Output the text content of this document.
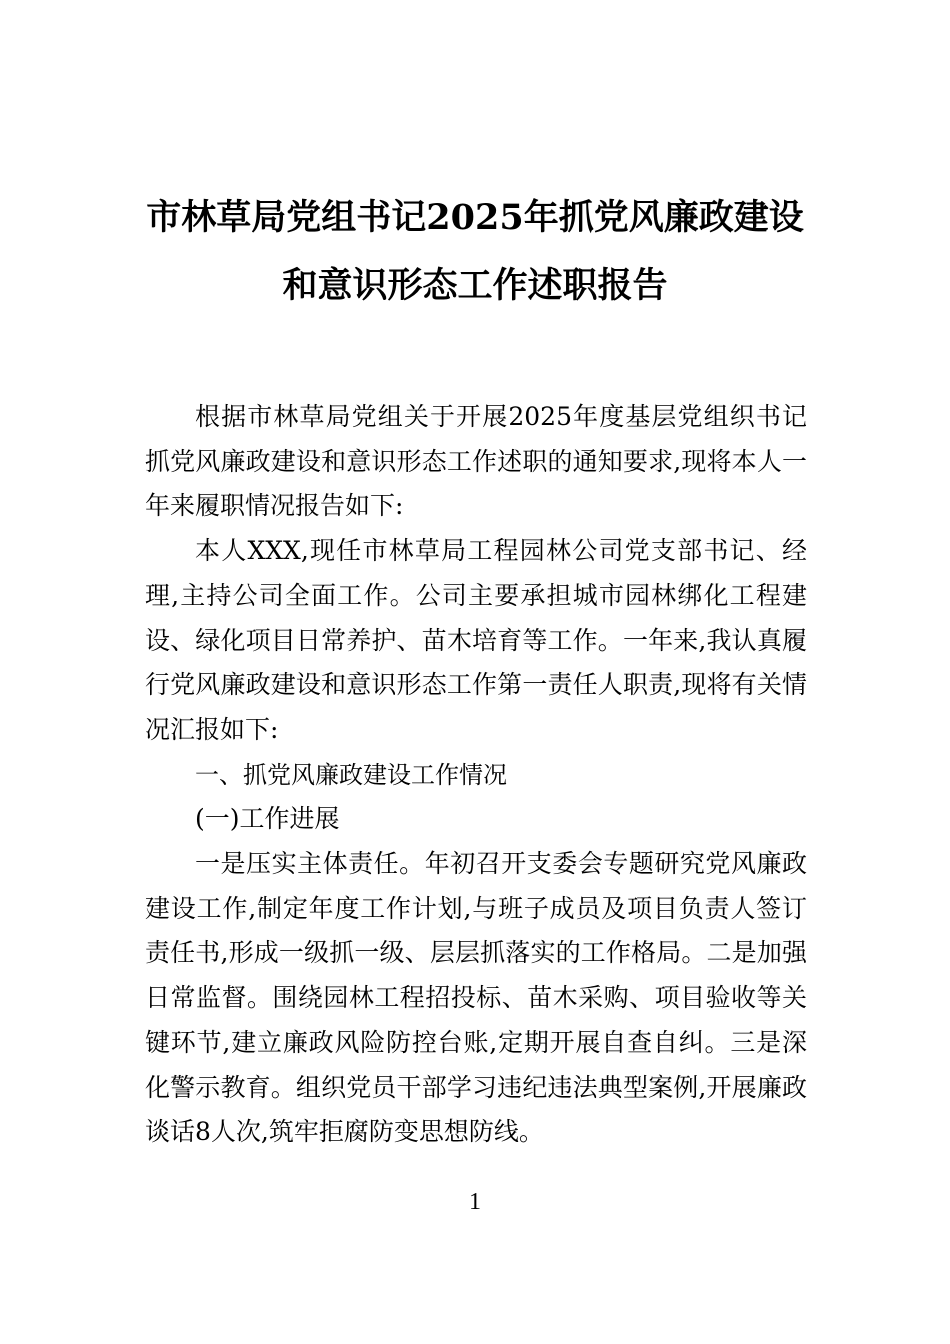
市林草局党组书记2025年抓党风廉政建设
和意识形态工作述职报告

根据市林草局党组关于开展2025年度基层党组织书记抓党风廉政建设和意识形态工作述职的通知要求,现将本人一年来履职情况报告如下:

本人XXX,现任市林草局工程园林公司党支部书记、经理,主持公司全面工作。公司主要承担城市园林绑化工程建设、绿化项目日常养护、苗木培育等工作。一年来,我认真履行党风廉政建设和意识形态工作第一责任人职责,现将有关情况汇报如下:

一、抓党风廉政建设工作情况

(一)工作进展

一是压实主体责任。年初召开支委会专题研究党风廉政建设工作,制定年度工作计划,与班子成员及项目负责人签订责任书,形成一级抓一级、层层抓落实的工作格局。二是加强日常监督。围绕园林工程招投标、苗木采购、项目验收等关键环节,建立廉政风险防控台账,定期开展自查自纠。三是深化警示教育。组织党员干部学习违纪违法典型案例,开展廉政谈话8人次,筑牢拒腐防变思想防线。

1
